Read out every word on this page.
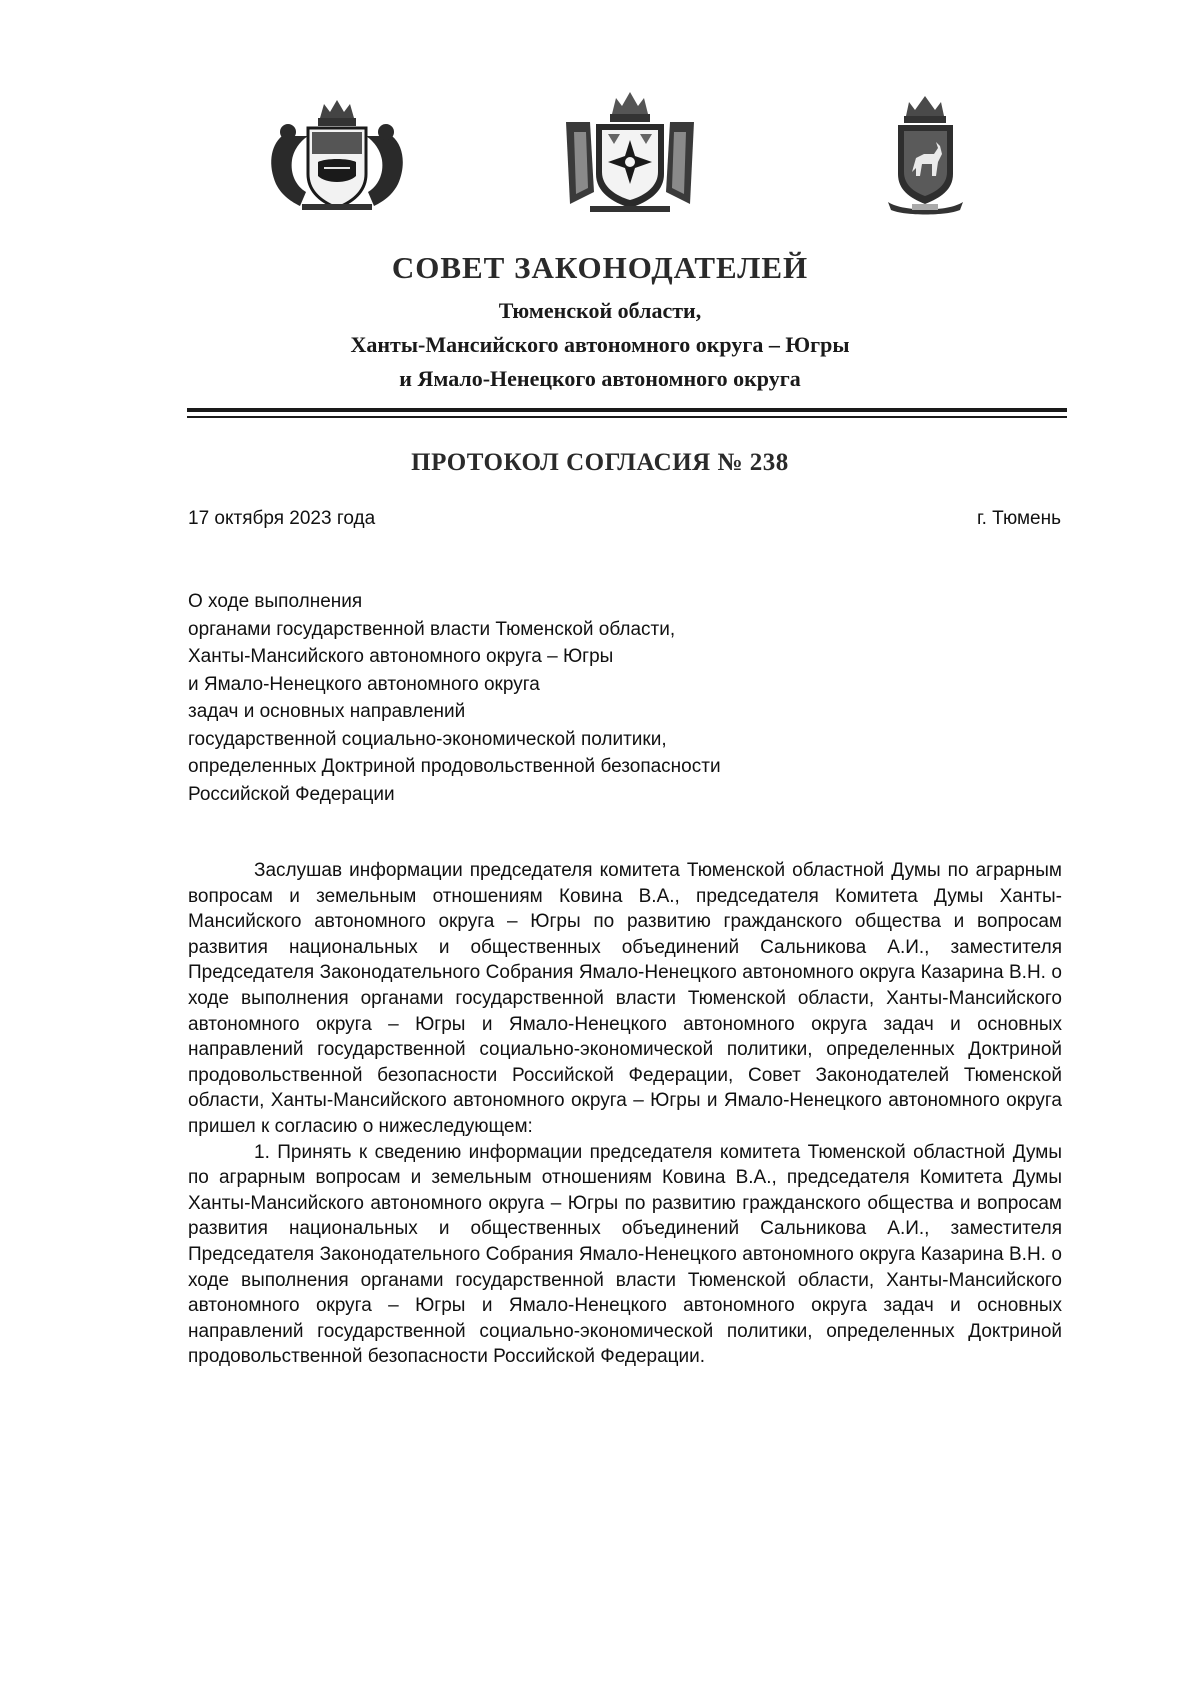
СОВЕТ ЗАКОНОДАТЕЛЕЙ
Тюменской области,
Ханты-Мансийского автономного округа – Югры
и Ямало-Ненецкого автономного округа
ПРОТОКОЛ СОГЛАСИЯ № 238
17 октября 2023 года	г. Тюмень
О ходе выполнения
органами государственной власти Тюменской области,
Ханты-Мансийского автономного округа – Югры
и Ямало-Ненецкого автономного округа
задач и основных направлений
государственной социально-экономической политики,
определенных Доктриной продовольственной безопасности
Российской Федерации

Заслушав информации председателя комитета Тюменской областной Думы по аграрным вопросам и земельным отношениям Ковина В.А., председателя Комитета Думы Ханты-Мансийского автономного округа – Югры по развитию гражданского общества и вопросам развития национальных и общественных объединений Сальникова А.И., заместителя Председателя Законодательного Собрания Ямало-Ненецкого автономного округа Казарина В.Н. о ходе выполнения органами государственной власти Тюменской области, Ханты-Мансийского автономного округа – Югры и Ямало-Ненецкого автономного округа задач и основных направлений государственной социально-экономической политики, определенных Доктриной продовольственной безопасности Российской Федерации, Совет Законодателей Тюменской области, Ханты-Мансийского автономного округа – Югры и Ямало-Ненецкого автономного округа пришел к согласию о нижеследующем:

1. Принять к сведению информации председателя комитета Тюменской областной Думы по аграрным вопросам и земельным отношениям Ковина В.А., председателя Комитета Думы Ханты-Мансийского автономного округа – Югры по развитию гражданского общества и вопросам развития национальных и общественных объединений Сальникова А.И., заместителя Председателя Законодательного Собрания Ямало-Ненецкого автономного округа Казарина В.Н. о ходе выполнения органами государственной власти Тюменской области, Ханты-Мансийского автономного округа – Югры и Ямало-Ненецкого автономного округа задач и основных направлений государственной социально-экономической политики, определенных Доктриной продовольственной безопасности Российской Федерации.
